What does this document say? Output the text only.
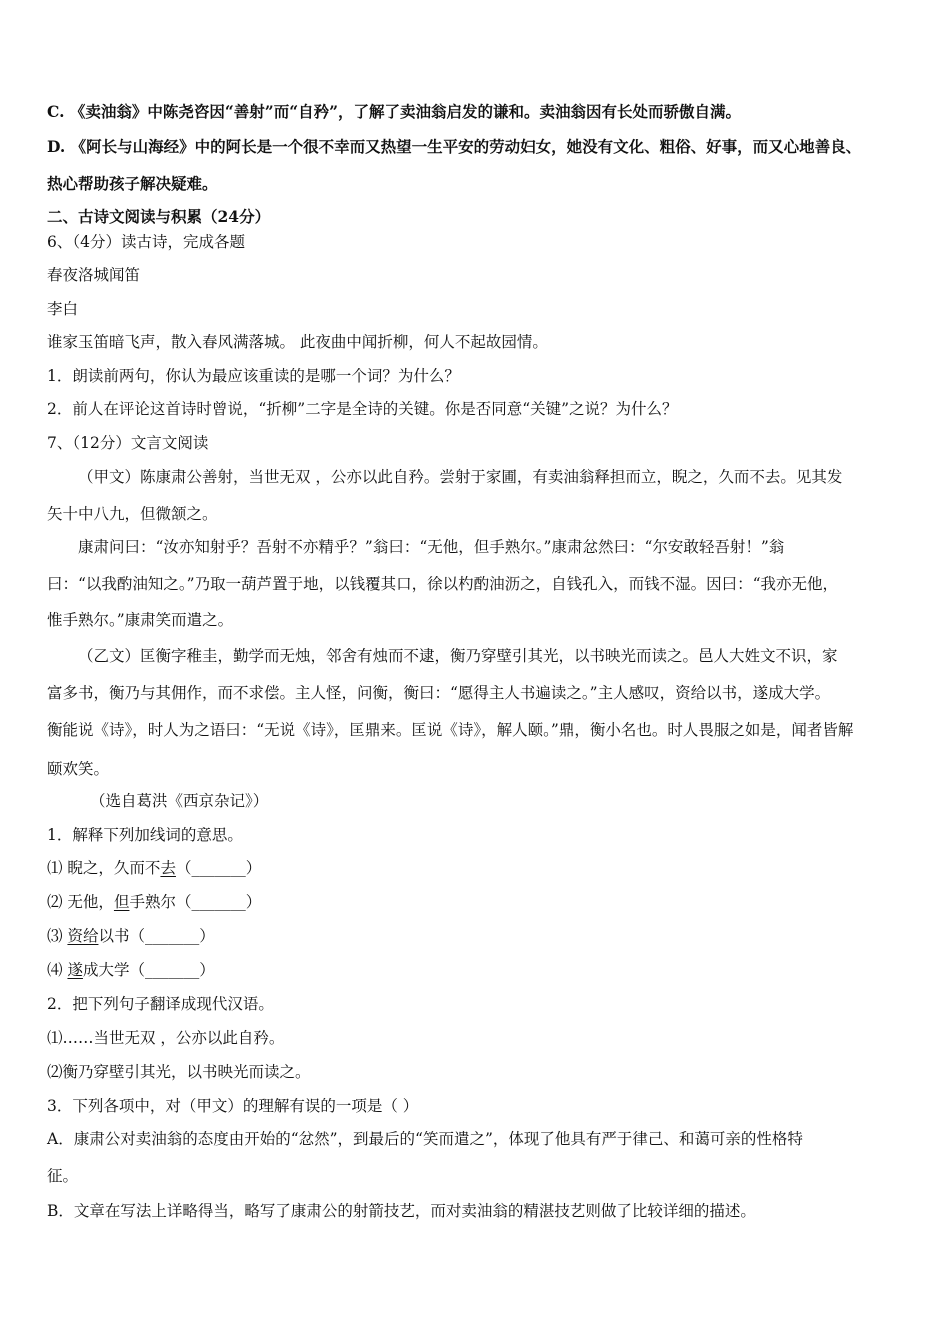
C. 《卖油翁》中陈尧咨因“善射”而“自矜”，了解了卖油翁启发的谦和。卖油翁因有长处而骄傲自满。
D. 《阿长与山海经》中的阿长是一个很不幸而又热望一生平安的劳动妇女，她没有文化、粗俗、好事，而又心地善良、
热心帮助孩子解决疑难。
二、古诗文阅读与积累（24分）
6、（4分）读古诗，完成各题
春夜洛城闻笛
李白
谁家玉笛暗飞声，散入春风满落城。 此夜曲中闻折柳，何人不起故园情。
1．朗读前两句，你认为最应该重读的是哪一个词？为什么？
2．前人在评论这首诗时曾说，“折柳”二字是全诗的关键。你是否同意“关键”之说？为什么？
7、（12分）文言文阅读
（甲文）陈康肃公善射，当世无双 ，公亦以此自矜。尝射于家圃，有卖油翁释担而立，睨之，久而不去。见其发
矢十中八九，但微颔之。
康肃问曰：“汝亦知射乎？吾射不亦精乎？”翁曰：“无他，但手熟尔。”康肃忿然曰：“尔安敢轻吾射！”翁
曰：“以我酌油知之。”乃取一葫芦置于地，以钱覆其口，徐以杓酌油沥之，自钱孔入，而钱不湿。因曰：“我亦无他，
惟手熟尔。”康肃笑而遣之。
（乙文）匡衡字稚圭，勤学而无烛，邻舍有烛而不逮，衡乃穿壁引其光，以书映光而读之。邑人大姓文不识，家
富多书，衡乃与其佣作，而不求偿。主人怪，问衡，衡曰：“愿得主人书遍读之。”主人感叹，资给以书，遂成大学。
衡能说《诗》，时人为之语曰：“无说《诗》，匡鼎来。匡说《诗》，解人颐。”鼎，衡小名也。时人畏服之如是，闻者皆解
颐欢笑。
（选自葛洪《西京杂记》）
1．解释下列加线词的意思。
⑴ 睨之，久而不去（_______）
⑵ 无他，但手熟尔（_______）
⑶ 资给以书（_______）
⑷ 遂成大学（_______）
2．把下列句子翻译成现代汉语。
⑴……当世无双 ，公亦以此自矜。
⑵衡乃穿壁引其光，以书映光而读之。
3．下列各项中，对（甲文）的理解有误的一项是（ ）
A．康肃公对卖油翁的态度由开始的“忿然”，到最后的“笑而遣之”，体现了他具有严于律己、和蔼可亲的性格特
征。
B．文章在写法上详略得当，略写了康肃公的射箭技艺，而对卖油翁的精湛技艺则做了比较详细的描述。
